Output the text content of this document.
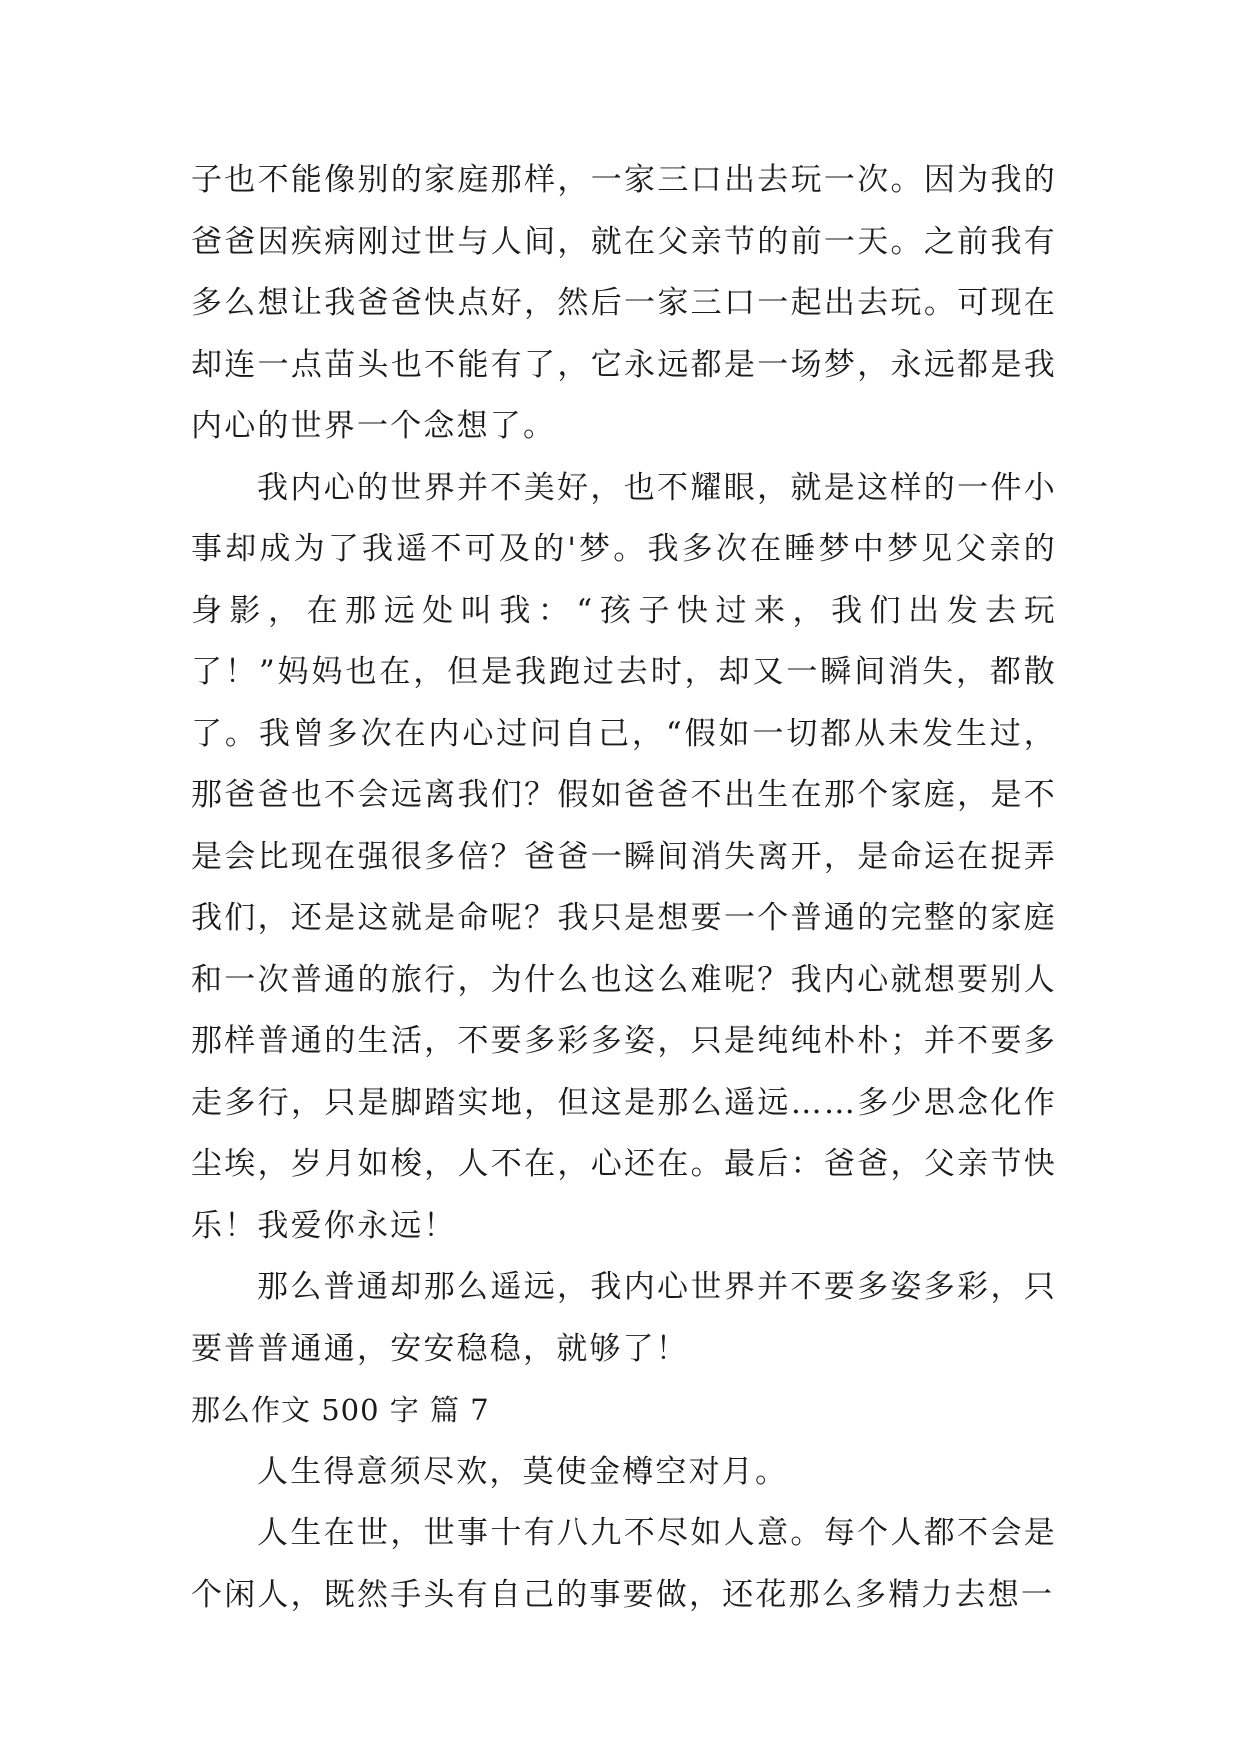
子也不能像别的家庭那样，一家三口出去玩一次。因为我的爸爸因疾病刚过世与人间，就在父亲节的前一天。之前我有多么想让我爸爸快点好，然后一家三口一起出去玩。可现在却连一点苗头也不能有了，它永远都是一场梦，永远都是我内心的世界一个念想了。

我内心的世界并不美好，也不耀眼，就是这样的一件小事却成为了我遥不可及的'梦。我多次在睡梦中梦见父亲的身影，在那远处叫我：“孩子快过来，我们出发去玩了！”妈妈也在，但是我跑过去时，却又一瞬间消失，都散了。我曾多次在内心过问自己，“假如一切都从未发生过，那爸爸也不会远离我们？假如爸爸不出生在那个家庭，是不是会比现在强很多倍？爸爸一瞬间消失离开，是命运在捉弄我们，还是这就是命呢？我只是想要一个普通的完整的家庭和一次普通的旅行，为什么也这么难呢？我内心就想要别人那样普通的生活，不要多彩多姿，只是纯纯朴朴；并不要多走多行，只是脚踏实地，但这是那么遥远……多少思念化作尘埃，岁月如梭，人不在，心还在。最后：爸爸，父亲节快乐！我爱你永远！

那么普通却那么遥远，我内心世界并不要多姿多彩，只要普普通通，安安稳稳，就够了！

那么作文 500 字 篇 7

人生得意须尽欢，莫使金樽空对月。

人生在世，世事十有八九不尽如人意。每个人都不会是个闲人，既然手头有自己的事要做，还花那么多精力去想一
